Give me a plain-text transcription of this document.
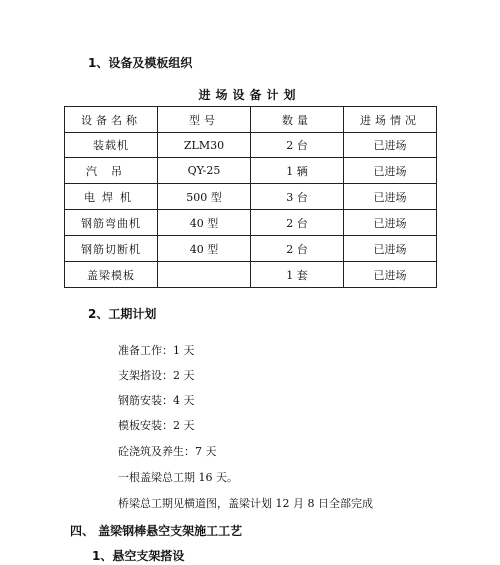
1、设备及模板组织
进场设备计划
设备名称	型号	数量	进场情况
装载机	ZLM30	2 台	已进场
汽吊	QY-25	1 辆	已进场
电焊机	500 型	3 台	已进场
钢筋弯曲机	40 型	2 台	已进场
钢筋切断机	40 型	2 台	已进场
盖梁模板		1 套	已进场
2、工期计划
准备工作：1 天
支架搭设：2 天
钢筋安装：4 天
模板安装：2 天
砼浇筑及养生：7 天
一根盖梁总工期 16 天。
桥梁总工期见横道图，盖梁计划 12 月 8 日全部完成
四、 盖梁钢棒悬空支架施工工艺
1、悬空支架搭设
